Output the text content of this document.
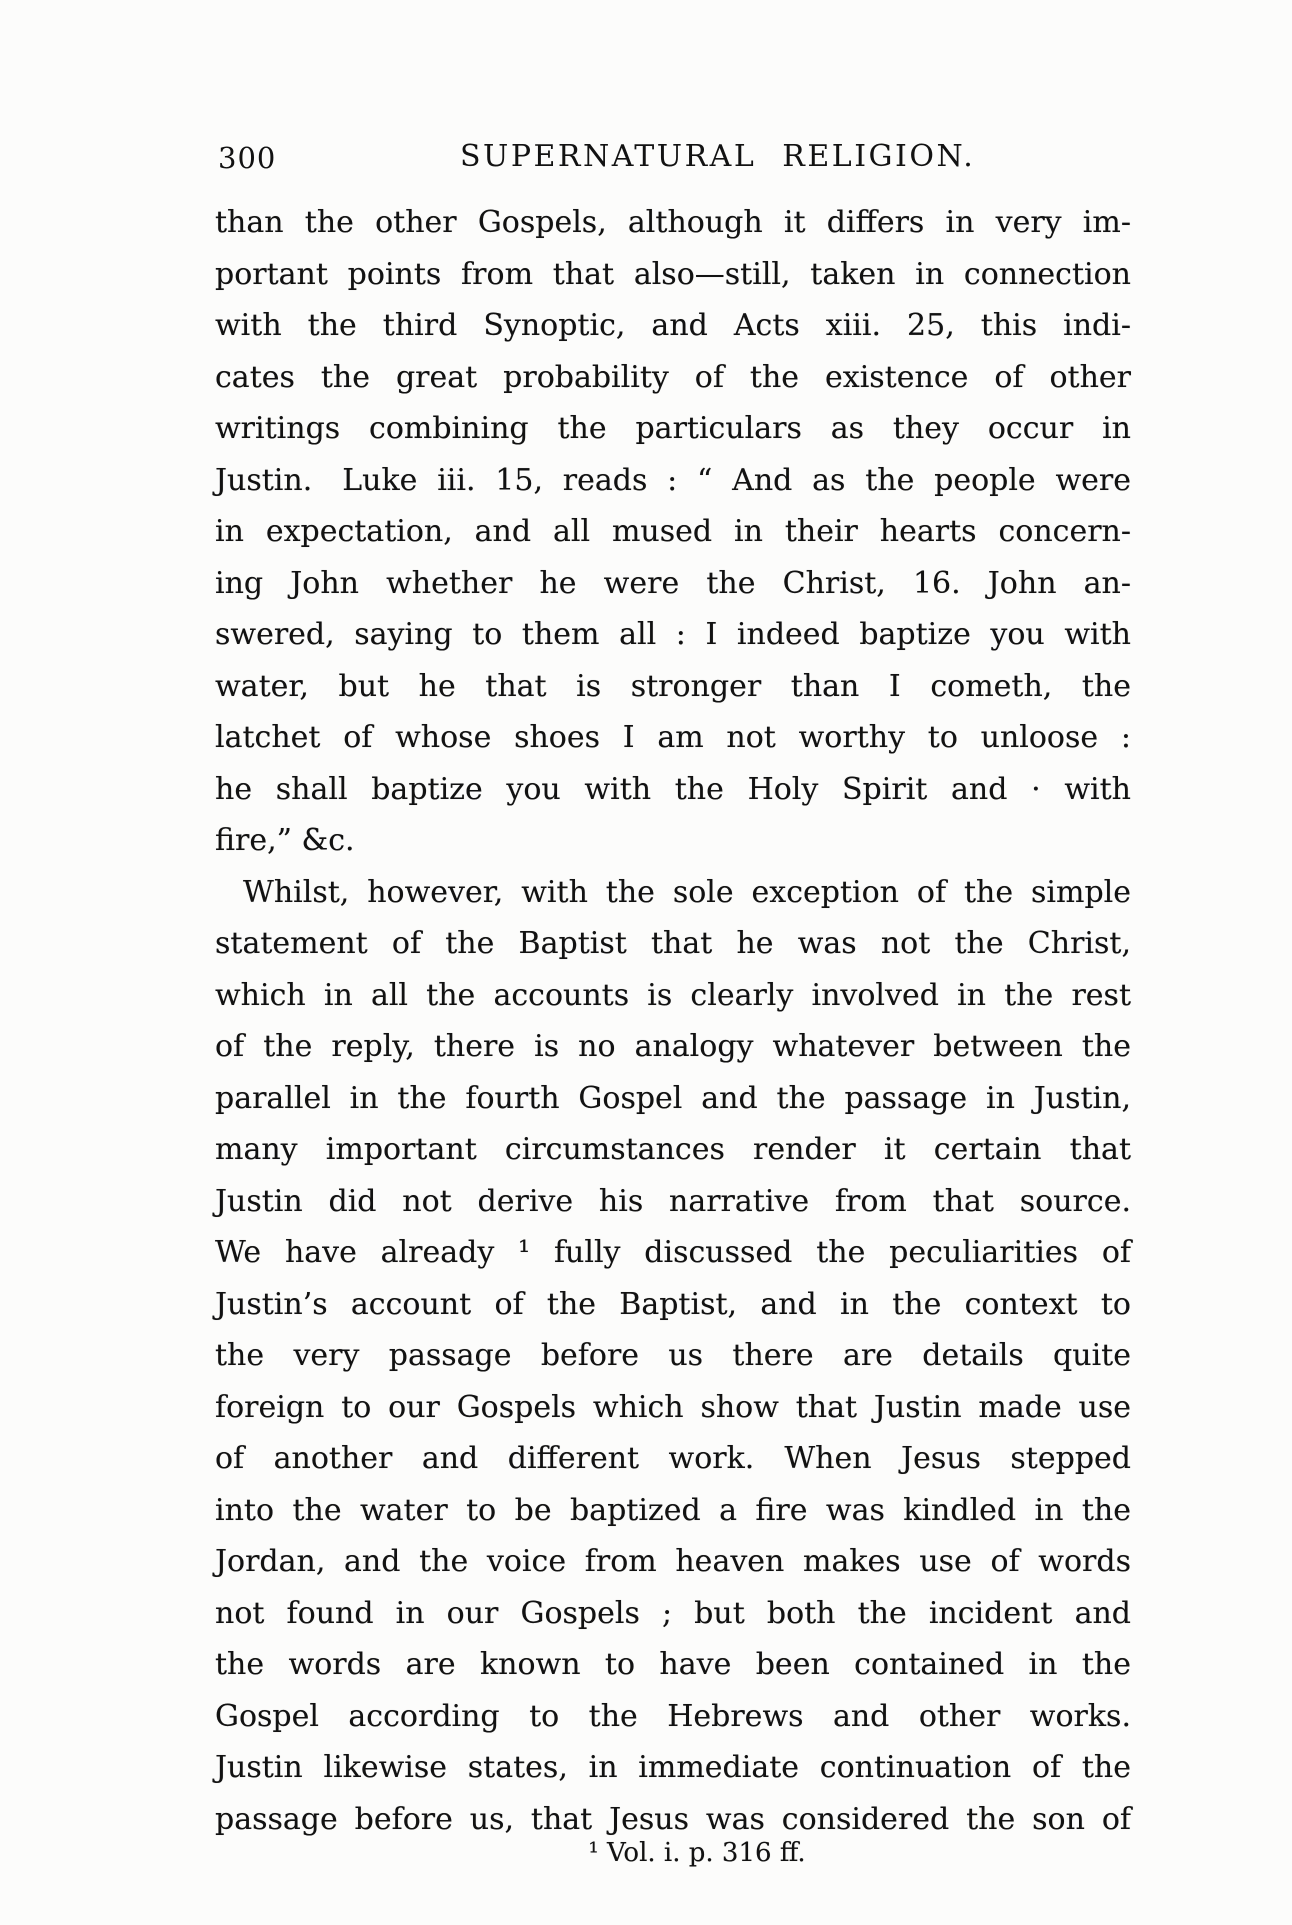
300	SUPERNATURAL RELIGION.
than the other Gospels, although it differs in very im-
portant points from that also—still, taken in connection
with the third Synoptic, and Acts xiii. 25, this indi-
cates the great probability of the existence of other
writings combining the particulars as they occur in
Justin. Luke iii. 15, reads : “ And as the people were
in expectation, and all mused in their hearts concern-
ing John whether he were the Christ, 16. John an-
swered, saying to them all : I indeed baptize you with
water, but he that is stronger than I cometh, the
latchet of whose shoes I am not worthy to unloose :
he shall baptize you with the Holy Spirit and · with
fire,” &c.
Whilst, however, with the sole exception of the simple
statement of the Baptist that he was not the Christ,
which in all the accounts is clearly involved in the rest
of the reply, there is no analogy whatever between the
parallel in the fourth Gospel and the passage in Justin,
many important circumstances render it certain that
Justin did not derive his narrative from that source.
We have already ¹ fully discussed the peculiarities of
Justin’s account of the Baptist, and in the context to
the very passage before us there are details quite
foreign to our Gospels which show that Justin made use
of another and different work. When Jesus stepped
into the water to be baptized a fire was kindled in the
Jordan, and the voice from heaven makes use of words
not found in our Gospels ; but both the incident and
the words are known to have been contained in the
Gospel according to the Hebrews and other works.
Justin likewise states, in immediate continuation of the
passage before us, that Jesus was considered the son of
¹ Vol. i. p. 316 ff.
